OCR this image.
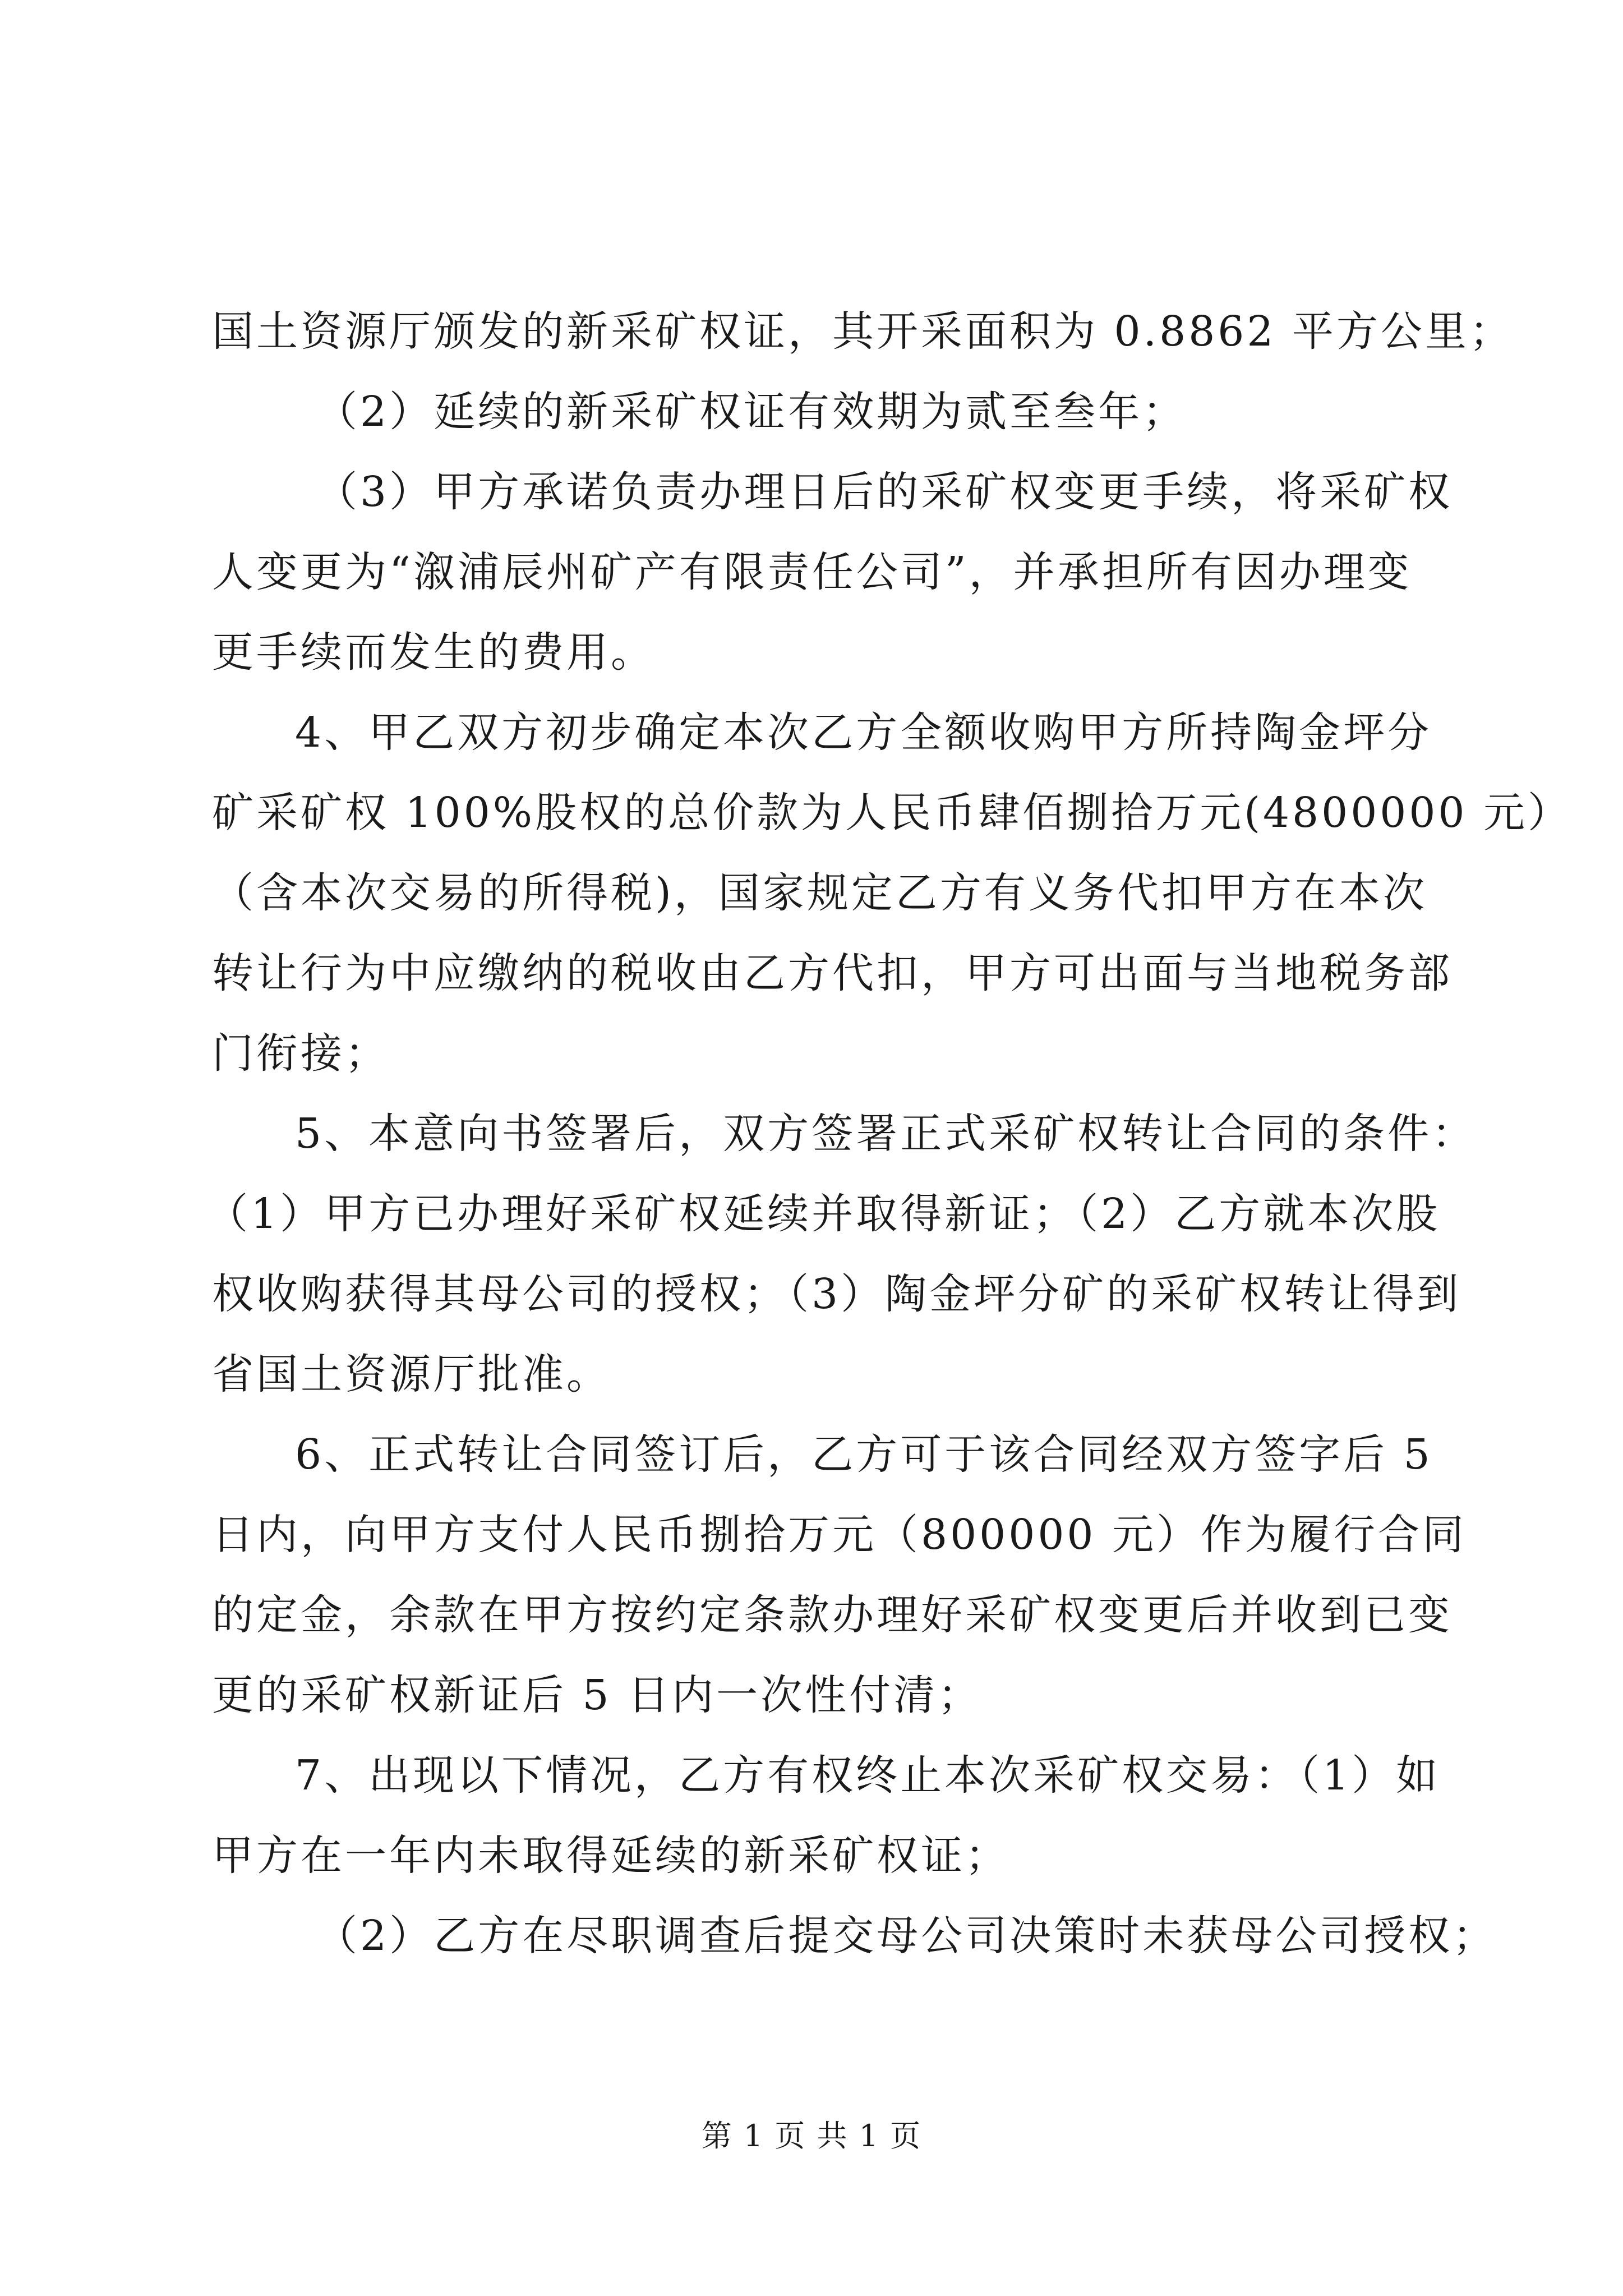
国土资源厅颁发的新采矿权证，其开采面积为 0.8862 平方公里；
（2）延续的新采矿权证有效期为贰至叁年；
（3）甲方承诺负责办理日后的采矿权变更手续，将采矿权
人变更为“溆浦辰州矿产有限责任公司”，并承担所有因办理变
更手续而发生的费用。
4、甲乙双方初步确定本次乙方全额收购甲方所持陶金坪分
矿采矿权 100%股权的总价款为人民币肆佰捌拾万元(4800000 元）
（含本次交易的所得税)，国家规定乙方有义务代扣甲方在本次
转让行为中应缴纳的税收由乙方代扣，甲方可出面与当地税务部
门衔接；
5、本意向书签署后，双方签署正式采矿权转让合同的条件：
（1）甲方已办理好采矿权延续并取得新证；（2）乙方就本次股
权收购获得其母公司的授权；（3）陶金坪分矿的采矿权转让得到
省国土资源厅批准。
6、正式转让合同签订后，乙方可于该合同经双方签字后 5
日内，向甲方支付人民币捌拾万元（800000 元）作为履行合同
的定金，余款在甲方按约定条款办理好采矿权变更后并收到已变
更的采矿权新证后 5 日内一次性付清；
7、出现以下情况，乙方有权终止本次采矿权交易：（1）如
甲方在一年内未取得延续的新采矿权证；
（2）乙方在尽职调查后提交母公司决策时未获母公司授权；
第 1 页 共 1 页
